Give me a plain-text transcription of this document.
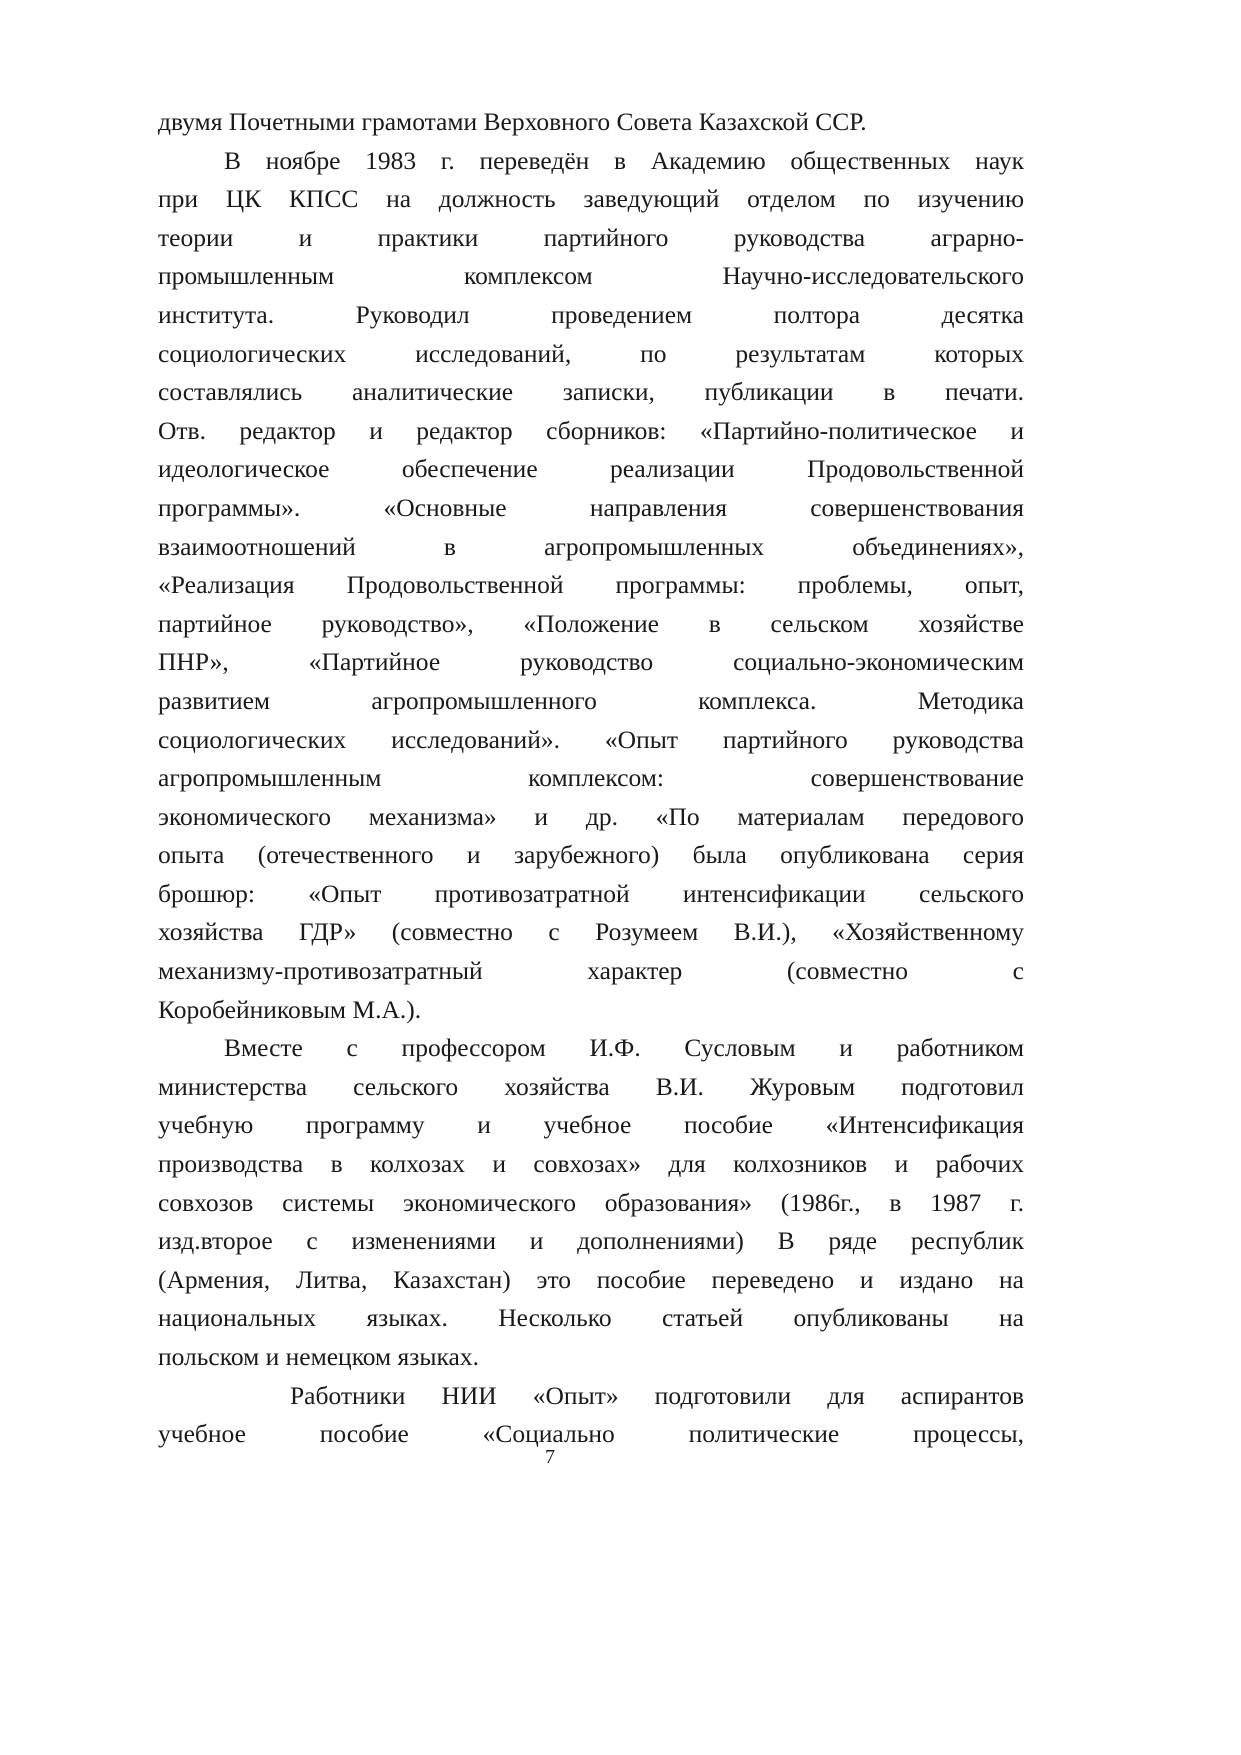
двумя Почетными грамотами Верховного Совета Казахской ССР.
В ноябре 1983 г. переведён в Академию общественных наук
при ЦК КПСС на должность заведующий отделом по изучению
теории и практики партийного руководства аграрно-
промышленным комплексом Научно-исследовательского
института. Руководил проведением полтора десятка
социологических исследований, по результатам которых
составлялись аналитические записки, публикации в печати.
Отв. редактор и редактор сборников: «Партийно-политическое и
идеологическое обеспечение реализации Продовольственной
программы». «Основные направления совершенствования
взаимоотношений в агропромышленных объединениях»,
«Реализация Продовольственной программы: проблемы, опыт,
партийное руководство», «Положение в сельском хозяйстве
ПНР», «Партийное руководство социально-экономическим
развитием агропромышленного комплекса. Методика
социологических исследований». «Опыт партийного руководства
агропромышленным комплексом: совершенствование
экономического механизма» и др. «По материалам передового
опыта (отечественного и зарубежного) была опубликована серия
брошюр: «Опыт противозатратной интенсификации сельского
хозяйства ГДР» (совместно с Розумеем В.И.), «Хозяйственному
механизму-противозатратный характер (совместно с
Коробейниковым М.А.).
Вместе с профессором И.Ф. Сусловым и работником
министерства сельского хозяйства В.И. Журовым подготовил
учебную программу и учебное пособие «Интенсификация
производства в колхозах и совхозах» для колхозников и рабочих
совхозов системы экономического образования» (1986г., в 1987 г.
изд.второе с изменениями и дополнениями) В ряде республик
(Армения, Литва, Казахстан) это пособие переведено и издано на
национальных языках. Несколько статьей опубликованы на
польском и немецком языках.
Работники НИИ «Опыт» подготовили для аспирантов
учебное пособие «Социально политические процессы,
7
